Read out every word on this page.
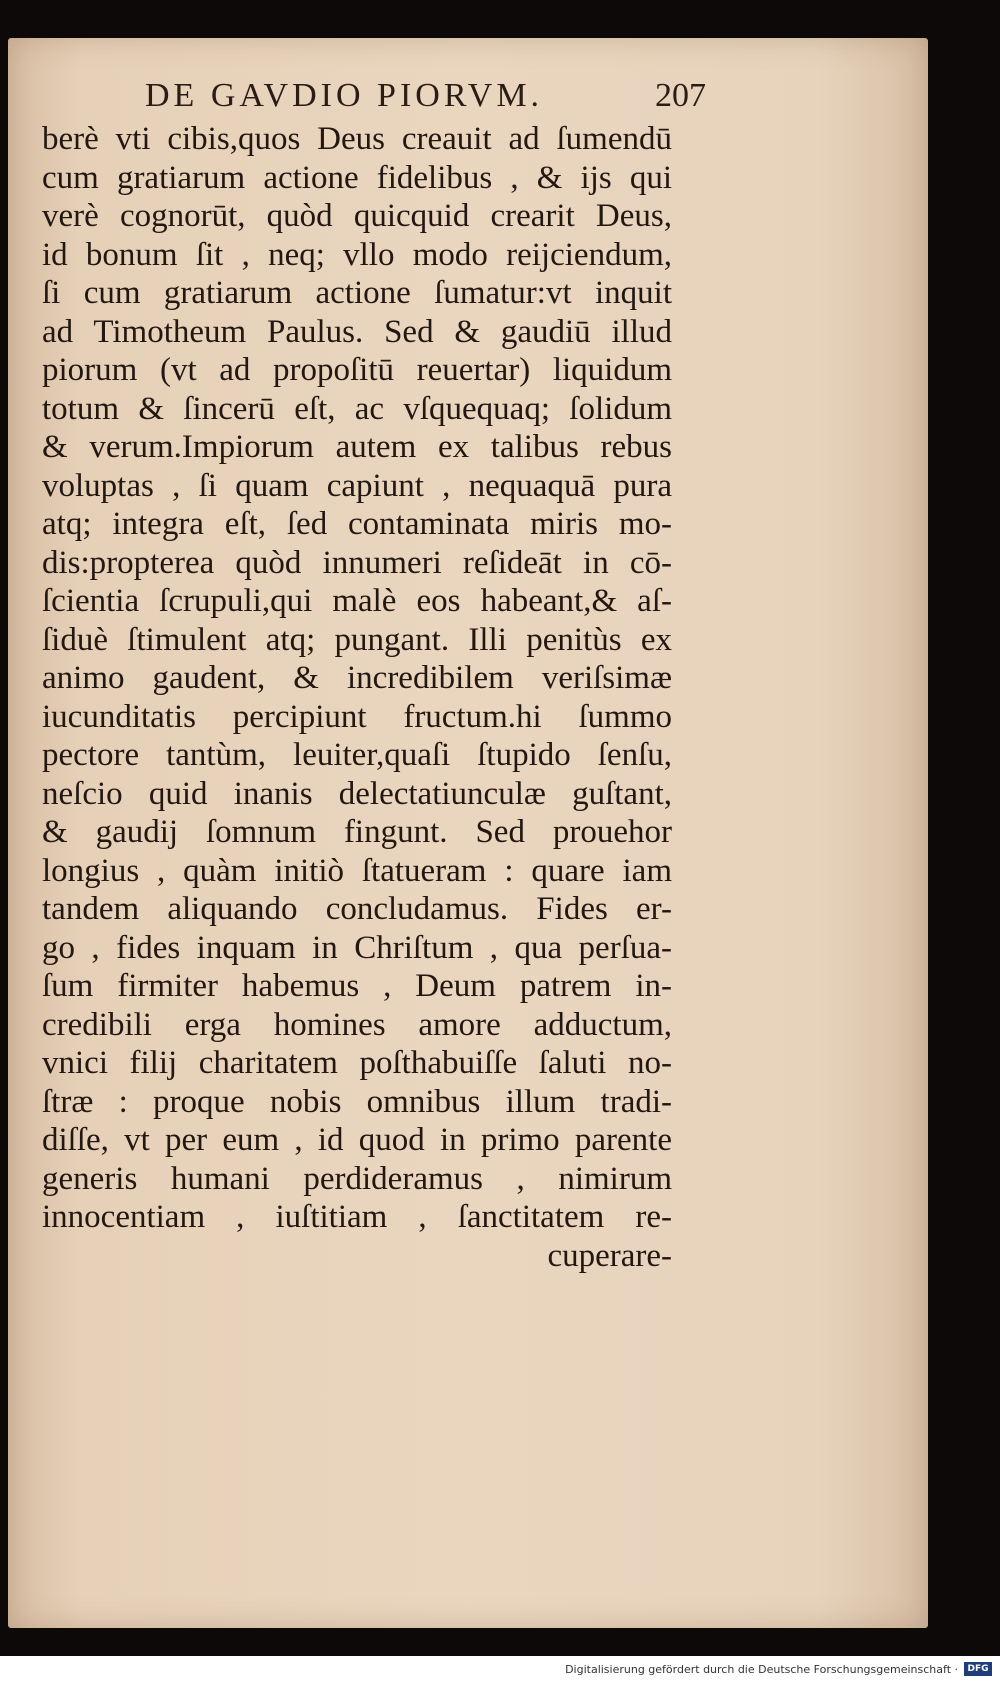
DE GAVDIO PIORVM.	207
berè vti cibis,quos Deus creauit ad ſumendū
cum gratiarum actione fidelibus , & ijs qui
verè cognorūt, quòd quicquid crearit Deus,
id bonum ſit , neq; vllo modo reijciendum,
ſi cum gratiarum actione ſumatur:vt inquit
ad Timotheum Paulus. Sed & gaudiū illud
piorum (vt ad propoſitū reuertar) liquidum
totum & ſincerū eſt, ac vſquequaq; ſolidum
& verum.Impiorum autem ex talibus rebus
voluptas , ſi quam capiunt , nequaquā pura
atq; integra eſt, ſed contaminata miris mo-
dis:propterea quòd innumeri reſideāt in cō-
ſcientia ſcrupuli,qui malè eos habeant,& aſ-
ſiduè ſtimulent atq; pungant. Illi penitùs ex
animo gaudent, & incredibilem veriſsimæ
iucunditatis percipiunt fructum.hi ſummo
pectore tantùm, leuiter,quaſi ſtupido ſenſu,
neſcio quid inanis delectatiunculæ guſtant,
& gaudij ſomnum fingunt. Sed prouehor
longius , quàm initiò ſtatueram : quare iam
tandem aliquando concludamus. Fides er-
go , fides inquam in Chriſtum , qua perſua-
ſum firmiter habemus , Deum patrem in-
credibili erga homines amore adductum,
vnici filij charitatem poſthabuiſſe ſaluti no-
ſtræ : proque nobis omnibus illum tradi-
diſſe, vt per eum , id quod in primo parente
generis humani perdideramus , nimirum
innocentiam , iuſtitiam , ſanctitatem re-
cuperare-
Digitalisierung gefördert durch die Deutsche Forschungsgemeinschaft ·	DFG
